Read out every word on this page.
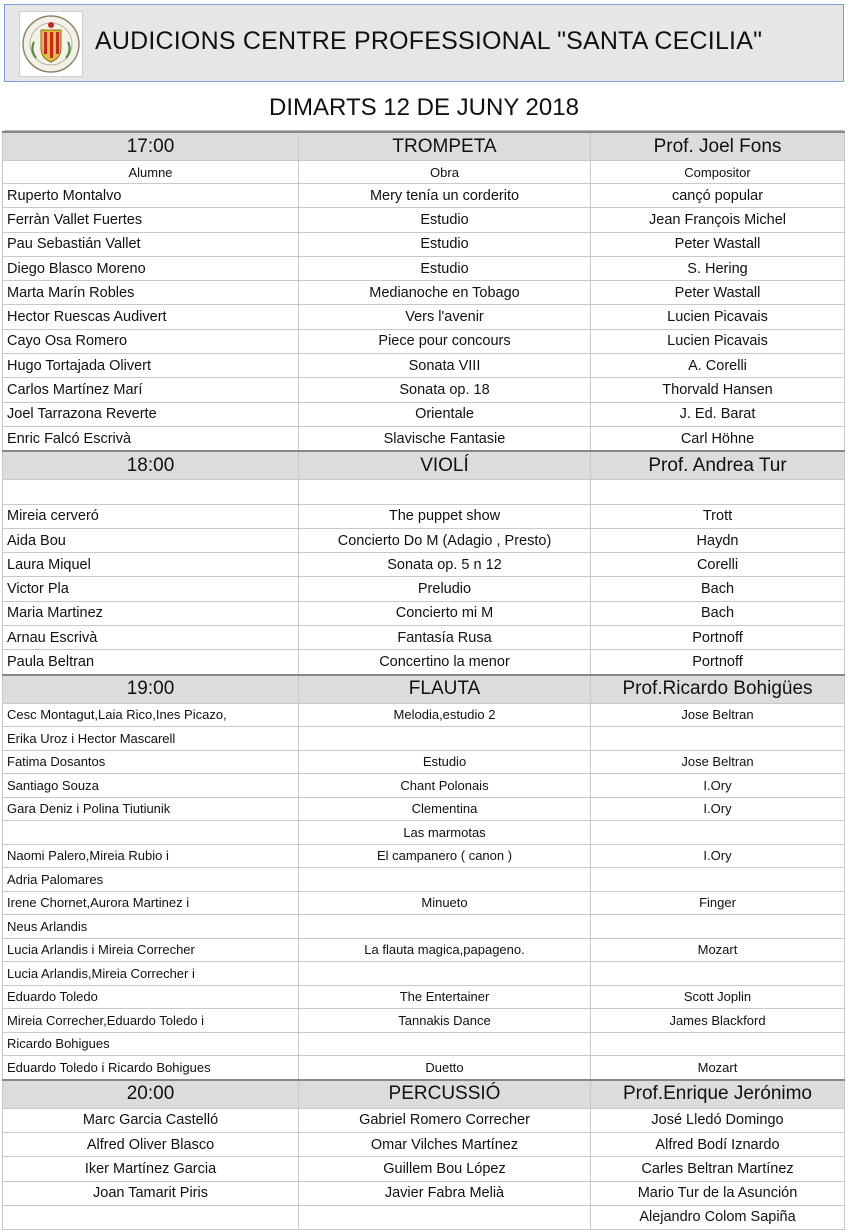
AUDICIONS CENTRE PROFESSIONAL "SANTA CECILIA"
DIMARTS 12 DE JUNY 2018
17:00	TROMPETA	Prof. Joel Fons
Alumne	Obra	Compositor
Ruperto Montalvo	Mery tenía un corderito	cançó popular
Ferràn Vallet Fuertes	Estudio	Jean François Michel
Pau Sebastián Vallet	Estudio	Peter Wastall
Diego Blasco Moreno	Estudio	S. Hering
Marta Marín Robles	Medianoche en Tobago	Peter Wastall
Hector Ruescas Audivert	Vers l'avenir	Lucien Picavais
Cayo Osa Romero	Piece pour concours	Lucien Picavais
Hugo Tortajada Olivert	Sonata VIII	A. Corelli
Carlos Martínez Marí	Sonata op. 18	Thorvald Hansen
Joel Tarrazona Reverte	Orientale	J. Ed. Barat
Enric Falcó Escrivà	Slavische Fantasie	Carl Höhne
18:00	VIOLÍ	Prof. Andrea Tur

Mireia cerveró	The puppet show	Trott
Aida Bou	Concierto Do M (Adagio , Presto)	Haydn
Laura Miquel	Sonata op. 5 n 12	Corelli
Victor Pla	Preludio	Bach
Maria Martinez	Concierto mi M	Bach
Arnau Escrivà	Fantasía Rusa	Portnoff
Paula Beltran	Concertino la menor	Portnoff
19:00	FLAUTA	Prof.Ricardo Bohigües
Cesc Montagut,Laia Rico,Ines Picazo,	Melodia,estudio 2	Jose Beltran
Erika Uroz i Hector Mascarell		
Fatima Dosantos	Estudio	Jose Beltran
Santiago Souza	Chant Polonais	I.Ory
Gara Deniz i Polina Tiutiunik	Clementina	I.Ory
	Las marmotas	
Naomi Palero,Mireia Rubio i	El campanero ( canon )	I.Ory
Adria Palomares		
Irene Chornet,Aurora Martinez i	Minueto	Finger
Neus Arlandis		
Lucia Arlandis i Mireia Correcher	La flauta magica,papageno.	Mozart
Lucia Arlandis,Mireia Correcher i		
Eduardo Toledo	The Entertainer	Scott Joplin
Mireia Correcher,Eduardo Toledo i	Tannakis Dance	James Blackford
Ricardo Bohigues		
Eduardo Toledo i Ricardo Bohigues	Duetto	Mozart
20:00	PERCUSSIÓ	Prof.Enrique Jerónimo
Marc Garcia Castelló	Gabriel Romero Correcher	José Lledó Domingo
Alfred Oliver Blasco	Omar Vilches Martínez	Alfred Bodí Iznardo
Iker Martínez Garcia	Guillem Bou López	Carles Beltran Martínez
Joan Tamarit Piris	Javier Fabra Melià	Mario Tur de la Asunción
		Alejandro Colom Sapiña
